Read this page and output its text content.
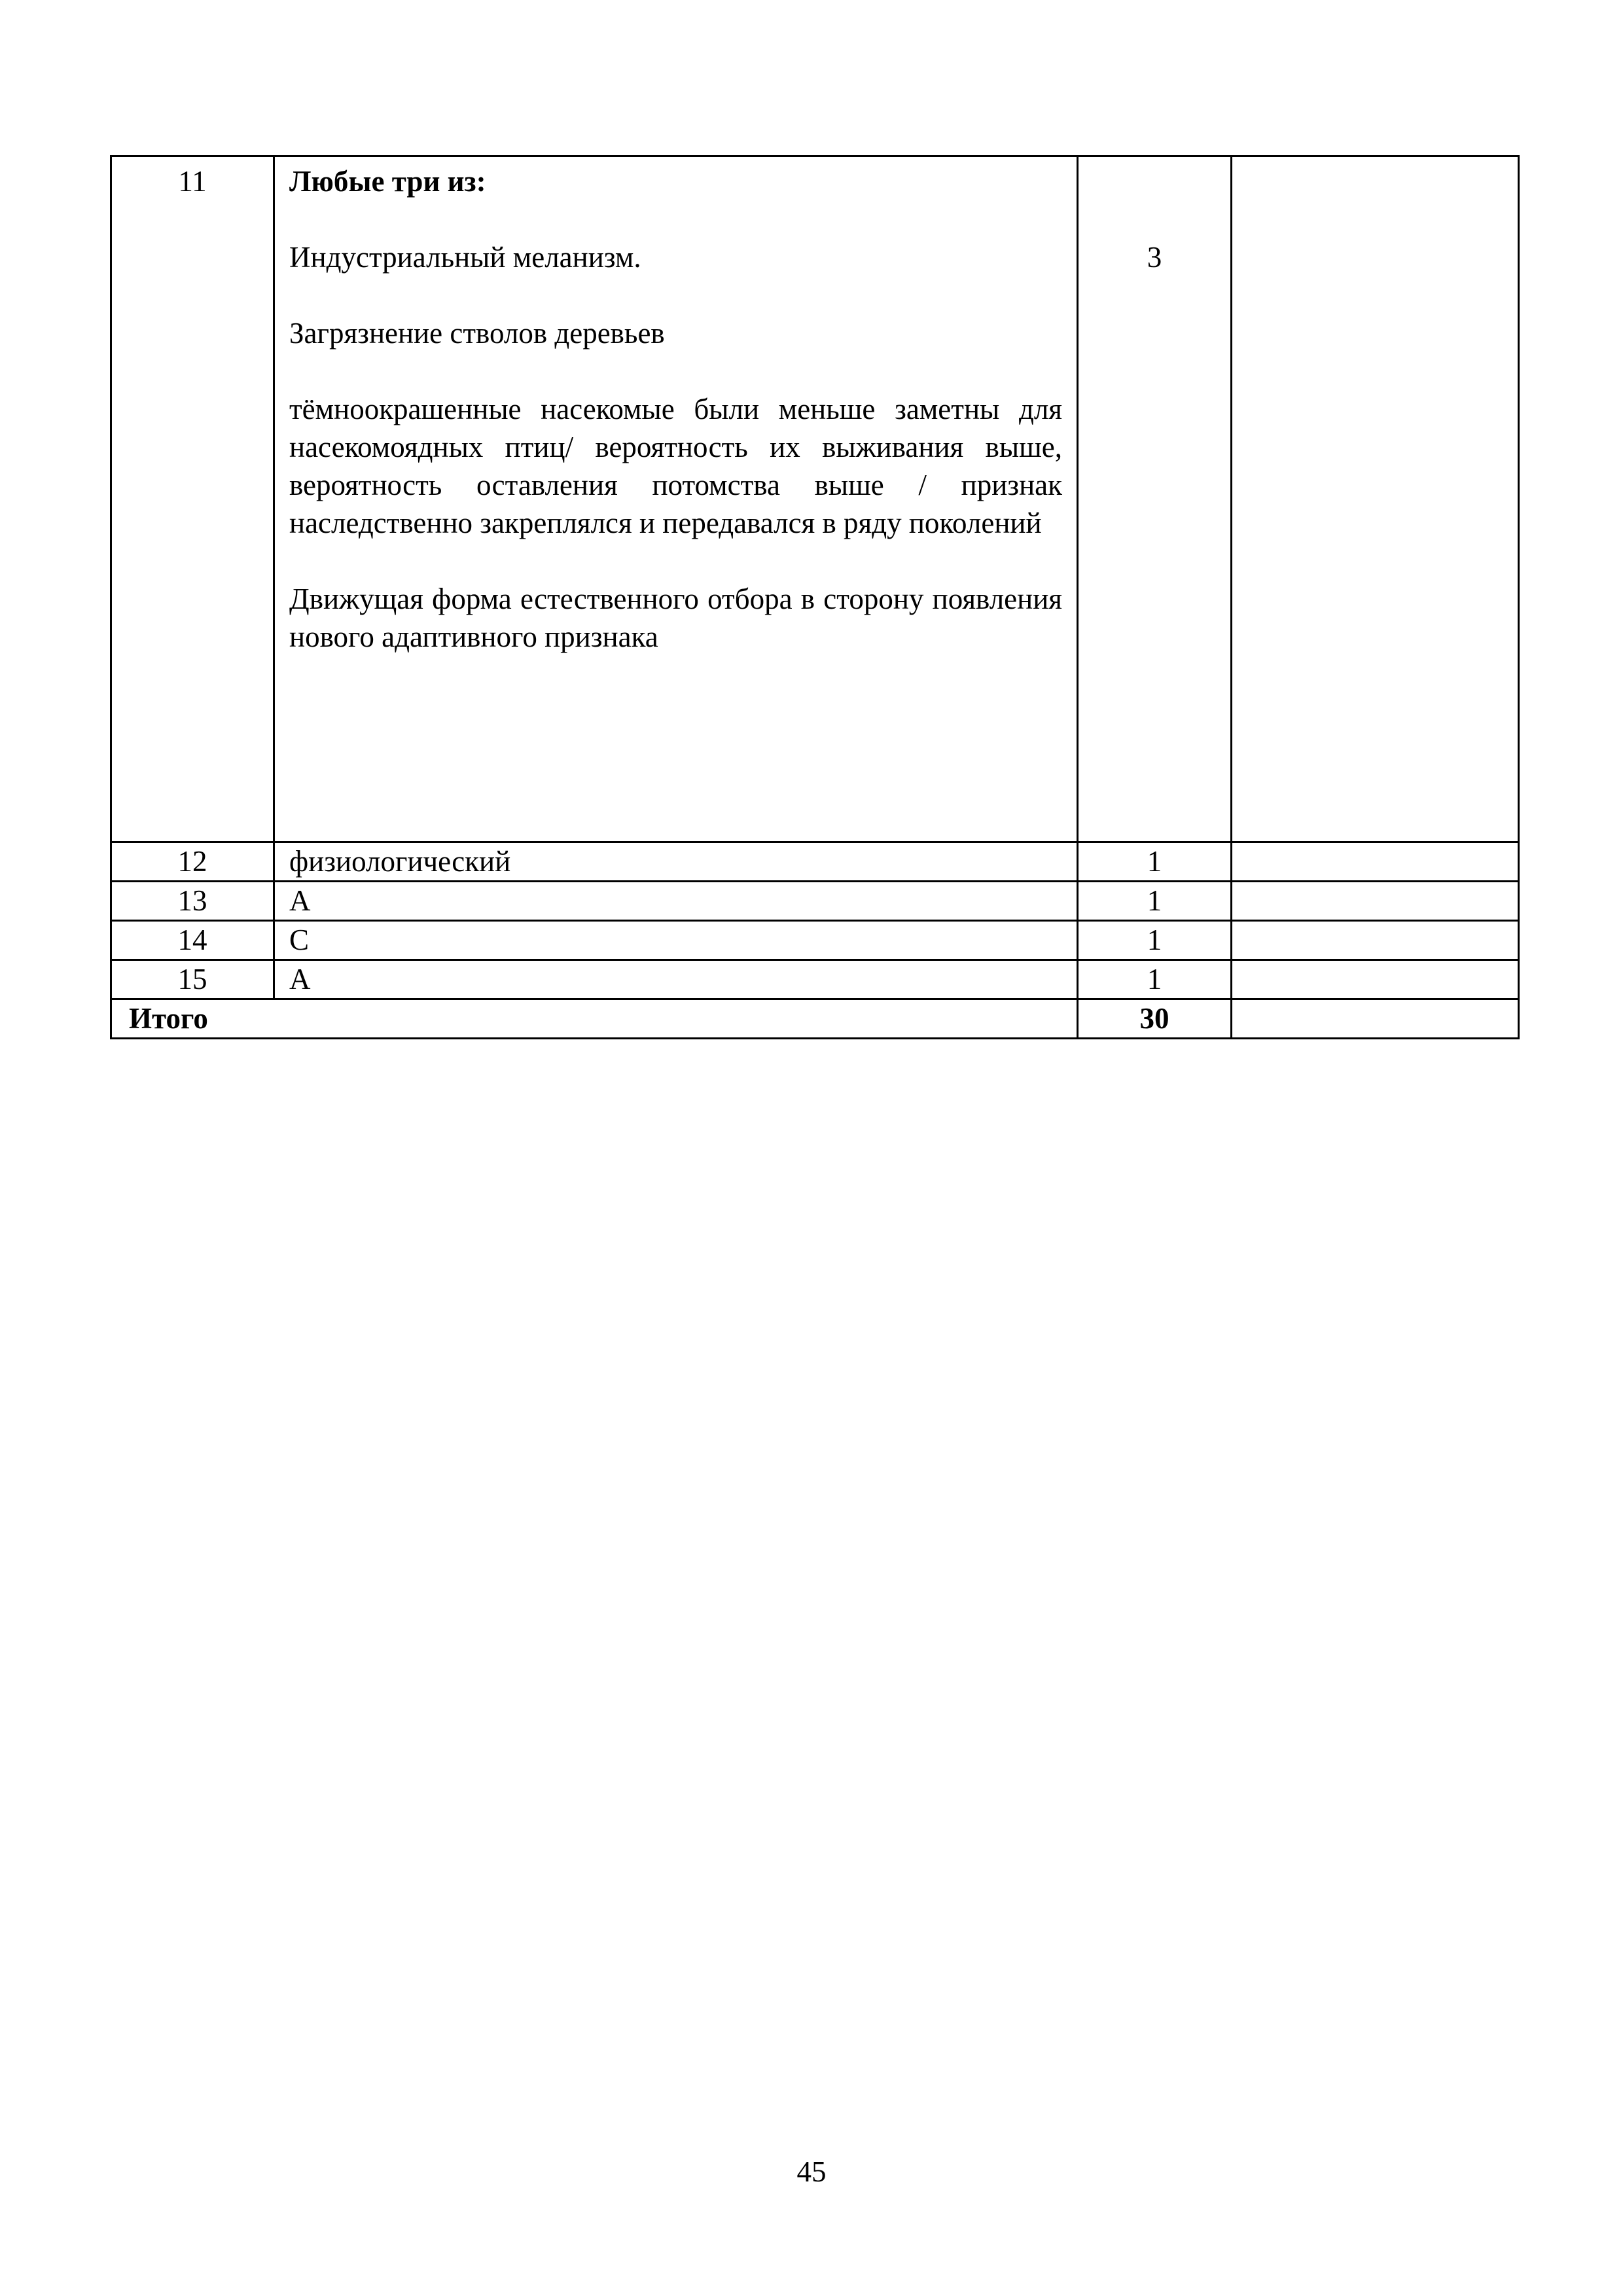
11	Любые три из:

Индустриальный меланизм.

Загрязнение стволов деревьев

тёмноокрашенные насекомые были меньше заметны для насекомоядных птиц/ вероятность их выживания выше, вероятность оставления потомства выше / признак наследственно закреплялся и передавался в ряду поколений

Движущая форма естественного отбора в сторону появления нового адаптивного признака	3	
12	физиологический	1	
13	А	1	
14	С	1	
15	А	1	
Итого		30	
45
